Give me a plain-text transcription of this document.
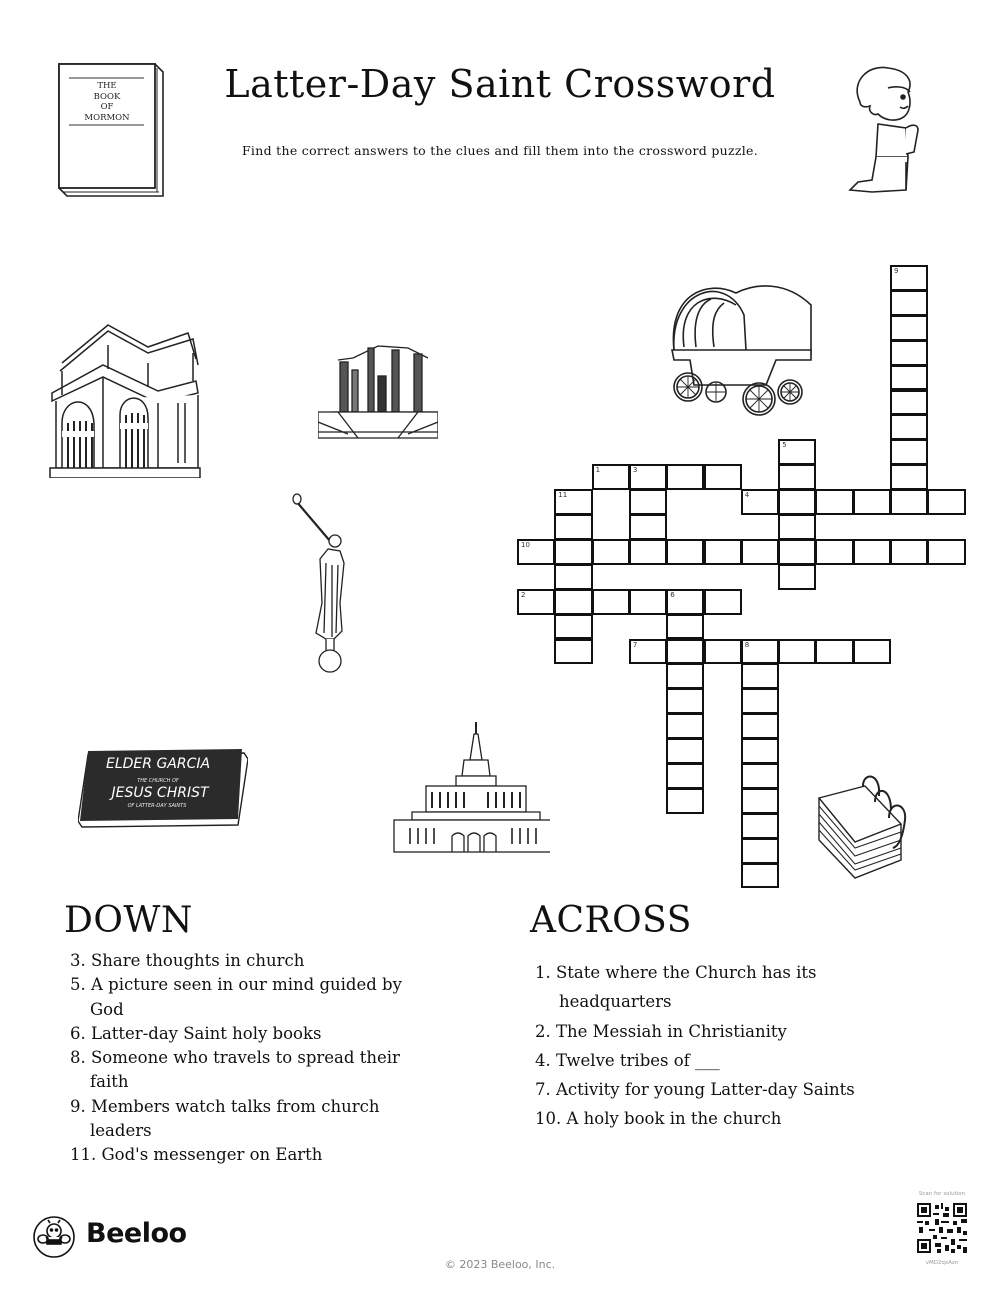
Latter-Day Saint Crossword
Find the correct answers to the clues and fill them into the crossword puzzle.
THE
BOOK
OF
MORMON
ELDER GARCIA
THE CHURCH OF
JESUS CHRIST
OF LATTER-DAY SAINTS
9
5
1	3
11	4
10
2	6
7	8
DOWN
3. Share thoughts in church
5. A picture seen in our mind guided by
God
6. Latter-day Saint holy books
8. Someone who travels to spread their
faith
9. Members watch talks from church
leaders
11. God's messenger on Earth
ACROSS
1. State where the Church has its
headquarters
2. The Messiah in Christianity
4. Twelve tribes of ___
7. Activity for young Latter-day Saints
10. A holy book in the church
Beeloo
© 2023 Beeloo, Inc.
Scan for solution
vMD2qxAzn
